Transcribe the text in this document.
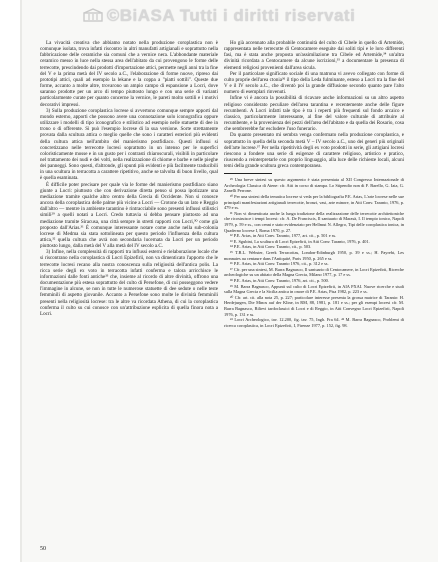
©BiASA Tutti i diritti riservati

La vivacità creativa che abbiamo notato nella produzione coroplastica non è comunque isolata, trova infatti riscontro in altri manufatti artigianali e soprattutto nella fabbricazione delle ceramiche sia comuni che a vernice nera. L'abbondante materiale ceramico messo in luce nella stessa area dell'abitato da cui provengono le forme delle terrecotte, prescindendo dai prodotti d'importazione attici, permette negli anni tra la fine del V e la prima metà del IV secolo a.C., l'elaborazione di forme nuove, ripreso dai prototipi attici, quali ad esempio la lekane e la coppa a "piatti sottili". Queste due forme, accanto a molte altre, trovarono un ampio campo di espansione a Locri, dove saranno prodotte per un arco di tempo piuttosto lungo e con una serie di varianti particolarmente curate per quanto concerne la vernice, le pareti molto sottili e i motivi decorativi impressi.

3) Sulla produzione coroplastica locrese si avvertono comunque sempre apporti dal mondo esterno, apporti che possono avere una connotazione solo iconografica oppure utilizzare i modelli di tipo iconografico e stilistico ad esempio nelle statuette di dee in trono o di offerente. Si può l'esempio locrese di la sua versione. Sorte strettamente provata dalla scultura attica o meglio quelle che sono i caratteri esteriori più evidenti della cultura attica nell'ambito del manierismo postfidiaco. Questi influssi si concretizzano nelle terrecotte locresi soprattutto in un intenso per le superfici coloristicamente mosse e in un gusto per i contrasti chiaroscurali, visibili in particolare nel trattamento dei nudi e dei volti, nella realizzazione di chiome e barbe e nelle pieghe dei panneggi. Sono questi, d'altronde, gli spunti più evidenti e più facilmente traducibili in una scultura in terracotta a carattere ripetitivo, anche se talvolta di buon livello, qual è quella esaminata.

È difficile poter precisare per quale via le forme del manierismo postfidiaco siano giunte a Locri: piuttosto che con derivazione diretta penso si possa ipotizzare una mediazione tramite qualche altro centro della Grecia di Occidente. Non si conosce ancora della coroplastica delle palme più vicine a Locri — Crotone da un lato e Reggio dall'altro — mentre in ambiente tarantino è rintracciabile sono presenti influssi stilistici simili²⁹ a quelli notati a Locri. Credo tuttavia si debba pensare piuttosto ad una mediazione tramite Siracusa, una città sempre in stretti rapporti con Locri,³⁰ come già proposto dall'Arias.³¹ È comunque interessante notare come anche nella sub-colonia locrese di Medma sia stata sottolineata per questo periodo l'influenza della cultura attica,³² quella cultura che avrà non secondaria lucernata da Locri per un periodo piuttosto lungo, dalla metà del V alla metà del IV secolo a.C.

3) Infine, nella complessità di rapporti tra influssi esterni e rielaborazione locale che si riscontrano nella coroplastica di Locri Epizefirii, non va dimenticato l'apporto che le terrecotte locresi recano alla nostra conoscenza sulla religiosità dell'antica polis. La ricca serie degli ex voto in terracotta infatti conferma e talora arricchisce le informazioni dalle fonti antiche³³ che, insieme al ricordo di altre divinità, offrono una documentazione più estesa soprattutto del culto di Persefone, di cui posseggono vedere l'immagine in alcune, se non in tutte le numerose statuette di dee sedute o nelle teste femminili di aspetto giovanile. Accanto a Persefone sono molte le divinità femminili presenti nella religiosità locrese: tra le altre va ricordata Athena, di cui la coroplastica conferma il culto su cui conosce con un'attribuzione esplicita di quella finora nota a Locri.

Ho già accennato alla probabile continuità del culto di Cibele in quello di Artemide, rappresentata nelle terrecotte di Centocamere eseguite dai soliti tipi e le loro differenti fasi, ma è stata anche proposta un'assimilazione tra Cibele ed Artemide,³⁴ un'altra divinità ricordata a Centocamere da alcune iscrizioni,³⁵ a documentare la presenza di elementi religiosi provenienti dall'area sicula.

Per il particolare significato sociale di una matrona vi avevo collegato con forme di culto proprie dell'area ctonia³⁶ il tipo della Leda fulminante, esteso a Locri tra la fine del V e il IV secolo a.C., che diventò poi la grande diffusione secondo quanto pare l'alto numero di esemplari rinvenuti.

Infine vi è ancora la possibilità di ricavare anche informazioni su un altro aspetto religioso considerato peculiare dell'area tarantina e recentemente anche delle figure recumbenti. A Locri infatti tale tipo è tra i reperti più frequenti sul fondo arcaico e classico, particolarmente interessante, al fine del valore culturale di attribuire al recumbente, e la provenienza dei pezzi dell'area dell'abitato e da quella dei Rosario, cosa che sembrerebbe far escludere l'uso funerario.

Da quanto presentato mi sembra venga confermato nella produzione coroplastica, e soprattutto in quella della seconda metà V – IV secolo a.C., uno dei generi più originali dell'arte locrese.³⁷ Per nella ripetitività degli ex voto prodotti in serie, gli artigiani locresi riescono a fondere una serie di esigenze di carattere religioso, artistico e pratico, riuscendo a reinterpretarle con proprio linguaggio, alla luce delle richieste locali, alcuni temi della grande scultura greca contemporanea.

²⁹ Una breve sintesi su questo argomento è stata presentata al XII Congresso Internazionale di Archeologia Classica di Atene: cfr. Atti in corso di stampa. Lo Stipendio non di F. Barello, G. Iaia, G. Zanelli Perrone.

³⁰ Per una sintesi della tematica locrese si veda per la bibliografia P.E. Arias, L'arte locrese nelle sue principali manifestazioni artigianali terrecotte, bronzi, vasi, arte minore, in Atti Conv. Taranto, 1976, p. 479 e ss.

³¹ Non vi dimenticata anche la lunga tradizione della realizzazione delle terrecotte architettoniche che ricostruisce i tempi locresi: cfr. A. De Franciscis, Il santuario di Marasà, I. Il tempio ionico, Napoli 1979, p. 59 e ss., con cenni e stato evidenziato per Hellmut N. Allegro, Tipi delle coroplastica ionica, in Quaderno locrese I, Roma 1970, p. 27.

³² P.E. Arias, in Atti Conv. Taranto, 1977, art. cit., p. 501 e ss.

³³ E. Sgubini, La scultura di Locri Epizefirii, in Atti Conv. Taranto, 1976, p. 401.

³⁴ P.E. Arias, in Atti Conv. Taranto, cit., p. 503.

³⁵ T.B.L. Webster, Greek Terracottas, London-Edinburgh 1950, p. 39 e ss.; H. Payrebt, Les monnaies au centaure dans l'Antiquité, Paris 1950, p. 265 e ss.

³⁶ P.E. Arias, in Atti Conv. Taranto 1976, cit., p. 312 e ss.

³⁷ Cfr. per una sintesi, M. Barra Bagnasco, Il santuario di Centocamere, in Locri Epizefirii, Ricerche archeologiche su un abitato della Magna Grecia, Milano 1977, p. 17 e ss.

³⁸ P.E. Arias, in Atti Conv. Taranto, 1976, art. cit., p. 500.

³⁹ M. Barra Bagnasco, Appunti sul culto di Locri Epizefirii, in AIA PXAI. Nuove ricerche e studi sulla Magna Grecia e la Sicilia antica in onore di P.E. Arias, Pisa 1982, p. 223 e ss.

⁴⁰ Cfr. art. cit. alla nota 25, p. 227; particolare interesse presenta la grossa matrice di Taranto: H. Herdejurgen, Die Minos auf der Kline, in RM, 88, 1981, p. 181 e ss.; per gli esempi locresi cfr. M. Barra Bagnasco, Rilievi tardoclassici di Locri e di Reggio, in Atti Convegno Locri Epizefirii, Napoli 1976, p. 131 e ss.

⁴¹ Locri Archeologico, tav. 12.200, fig. tav. 75, Ingh. Fra 64. ⁴² M. Barra Bagnasco, Problemi di ricerca coroplastica, in Locri Epizefirii, I, Firenze 1977, p. 152, fig. 98.

50
